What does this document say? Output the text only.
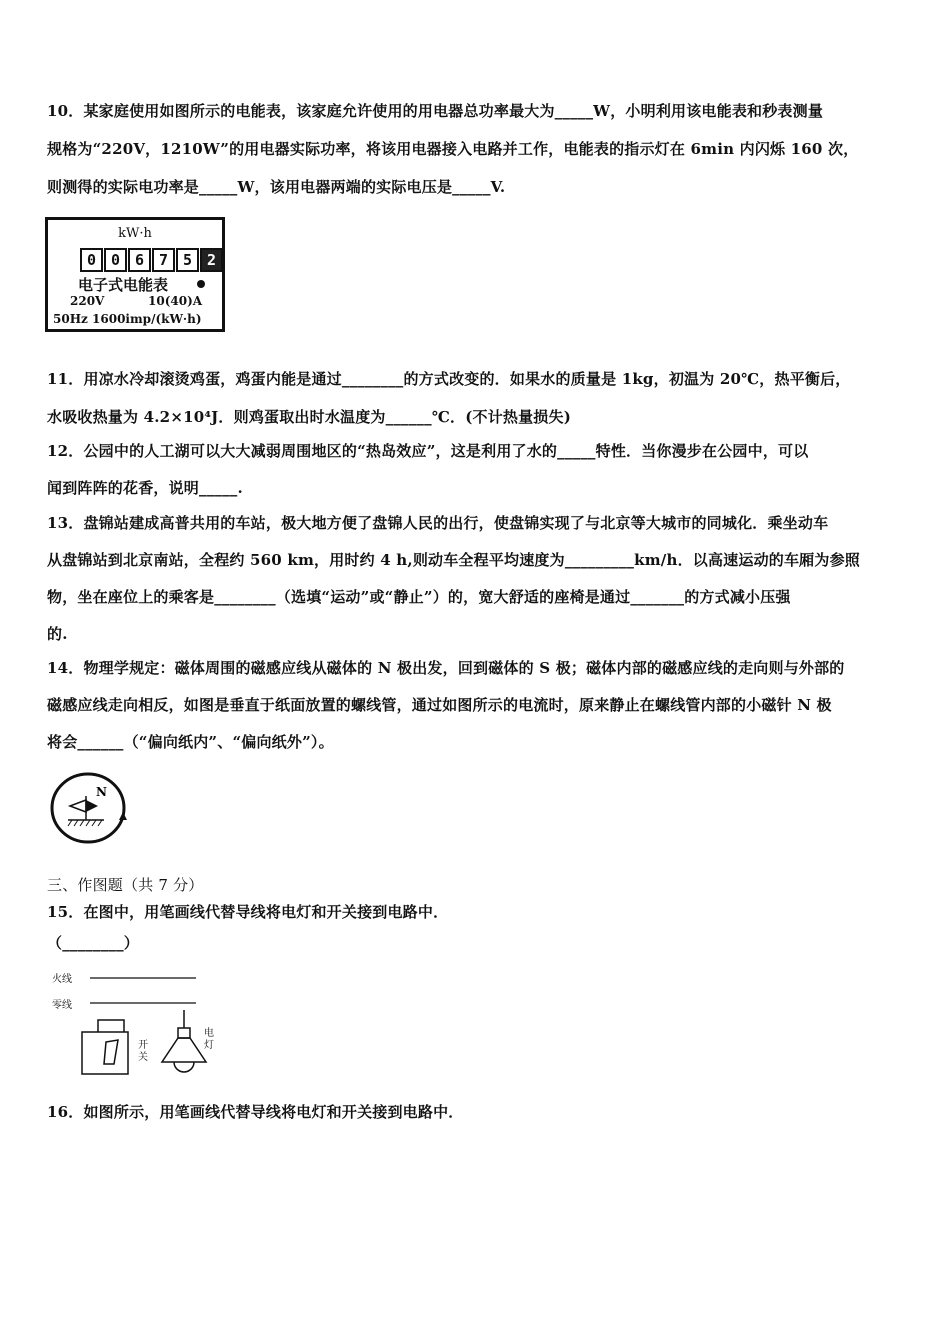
10．某家庭使用如图所示的电能表，该家庭允许使用的用电器总功率最大为_____W，小明利用该电能表和秒表测量
规格为“220V，1210W”的用电器实际功率，将该用电器接入电路并工作，电能表的指示灯在 6min 内闪烁 160 次，
则测得的实际电功率是_____W，该用电器两端的实际电压是_____V.
kW·h
0 0 6 7 5 2
电子式电能表
220V	10(40)A
50Hz 1600imp/(kW·h)
11．用凉水冷却滚烫鸡蛋，鸡蛋内能是通过________的方式改变的．如果水的质量是 1kg，初温为 20℃，热平衡后，
水吸收热量为 4.2×10⁴J．则鸡蛋取出时水温度为______℃．(不计热量损失)
12．公园中的人工湖可以大大减弱周围地区的“热岛效应”，这是利用了水的_____特性．当你漫步在公园中，可以
闻到阵阵的花香，说明_____.
13．盘锦站建成高普共用的车站，极大地方便了盘锦人民的出行，使盘锦实现了与北京等大城市的同城化．乘坐动车
从盘锦站到北京南站，全程约 560 km，用时约 4 h,则动车全程平均速度为_________km/h．以高速运动的车厢为参照
物，坐在座位上的乘客是________（选填“运动”或“静止”）的，宽大舒适的座椅是通过_______的方式减小压强
的.
14．物理学规定：磁体周围的磁感应线从磁体的 N 极出发，回到磁体的 S 极；磁体内部的磁感应线的走向则与外部的
磁感应线走向相反，如图是垂直于纸面放置的螺线管，通过如图所示的电流时，原来静止在螺线管内部的小磁针 N 极
将会______（“偏向纸内”、“偏向纸外”）。
N
三、作图题（共 7 分）
15．在图中，用笔画线代替导线将电灯和开关接到电路中．
（________）
火线
零线
开关
电灯
16．如图所示，用笔画线代替导线将电灯和开关接到电路中．
